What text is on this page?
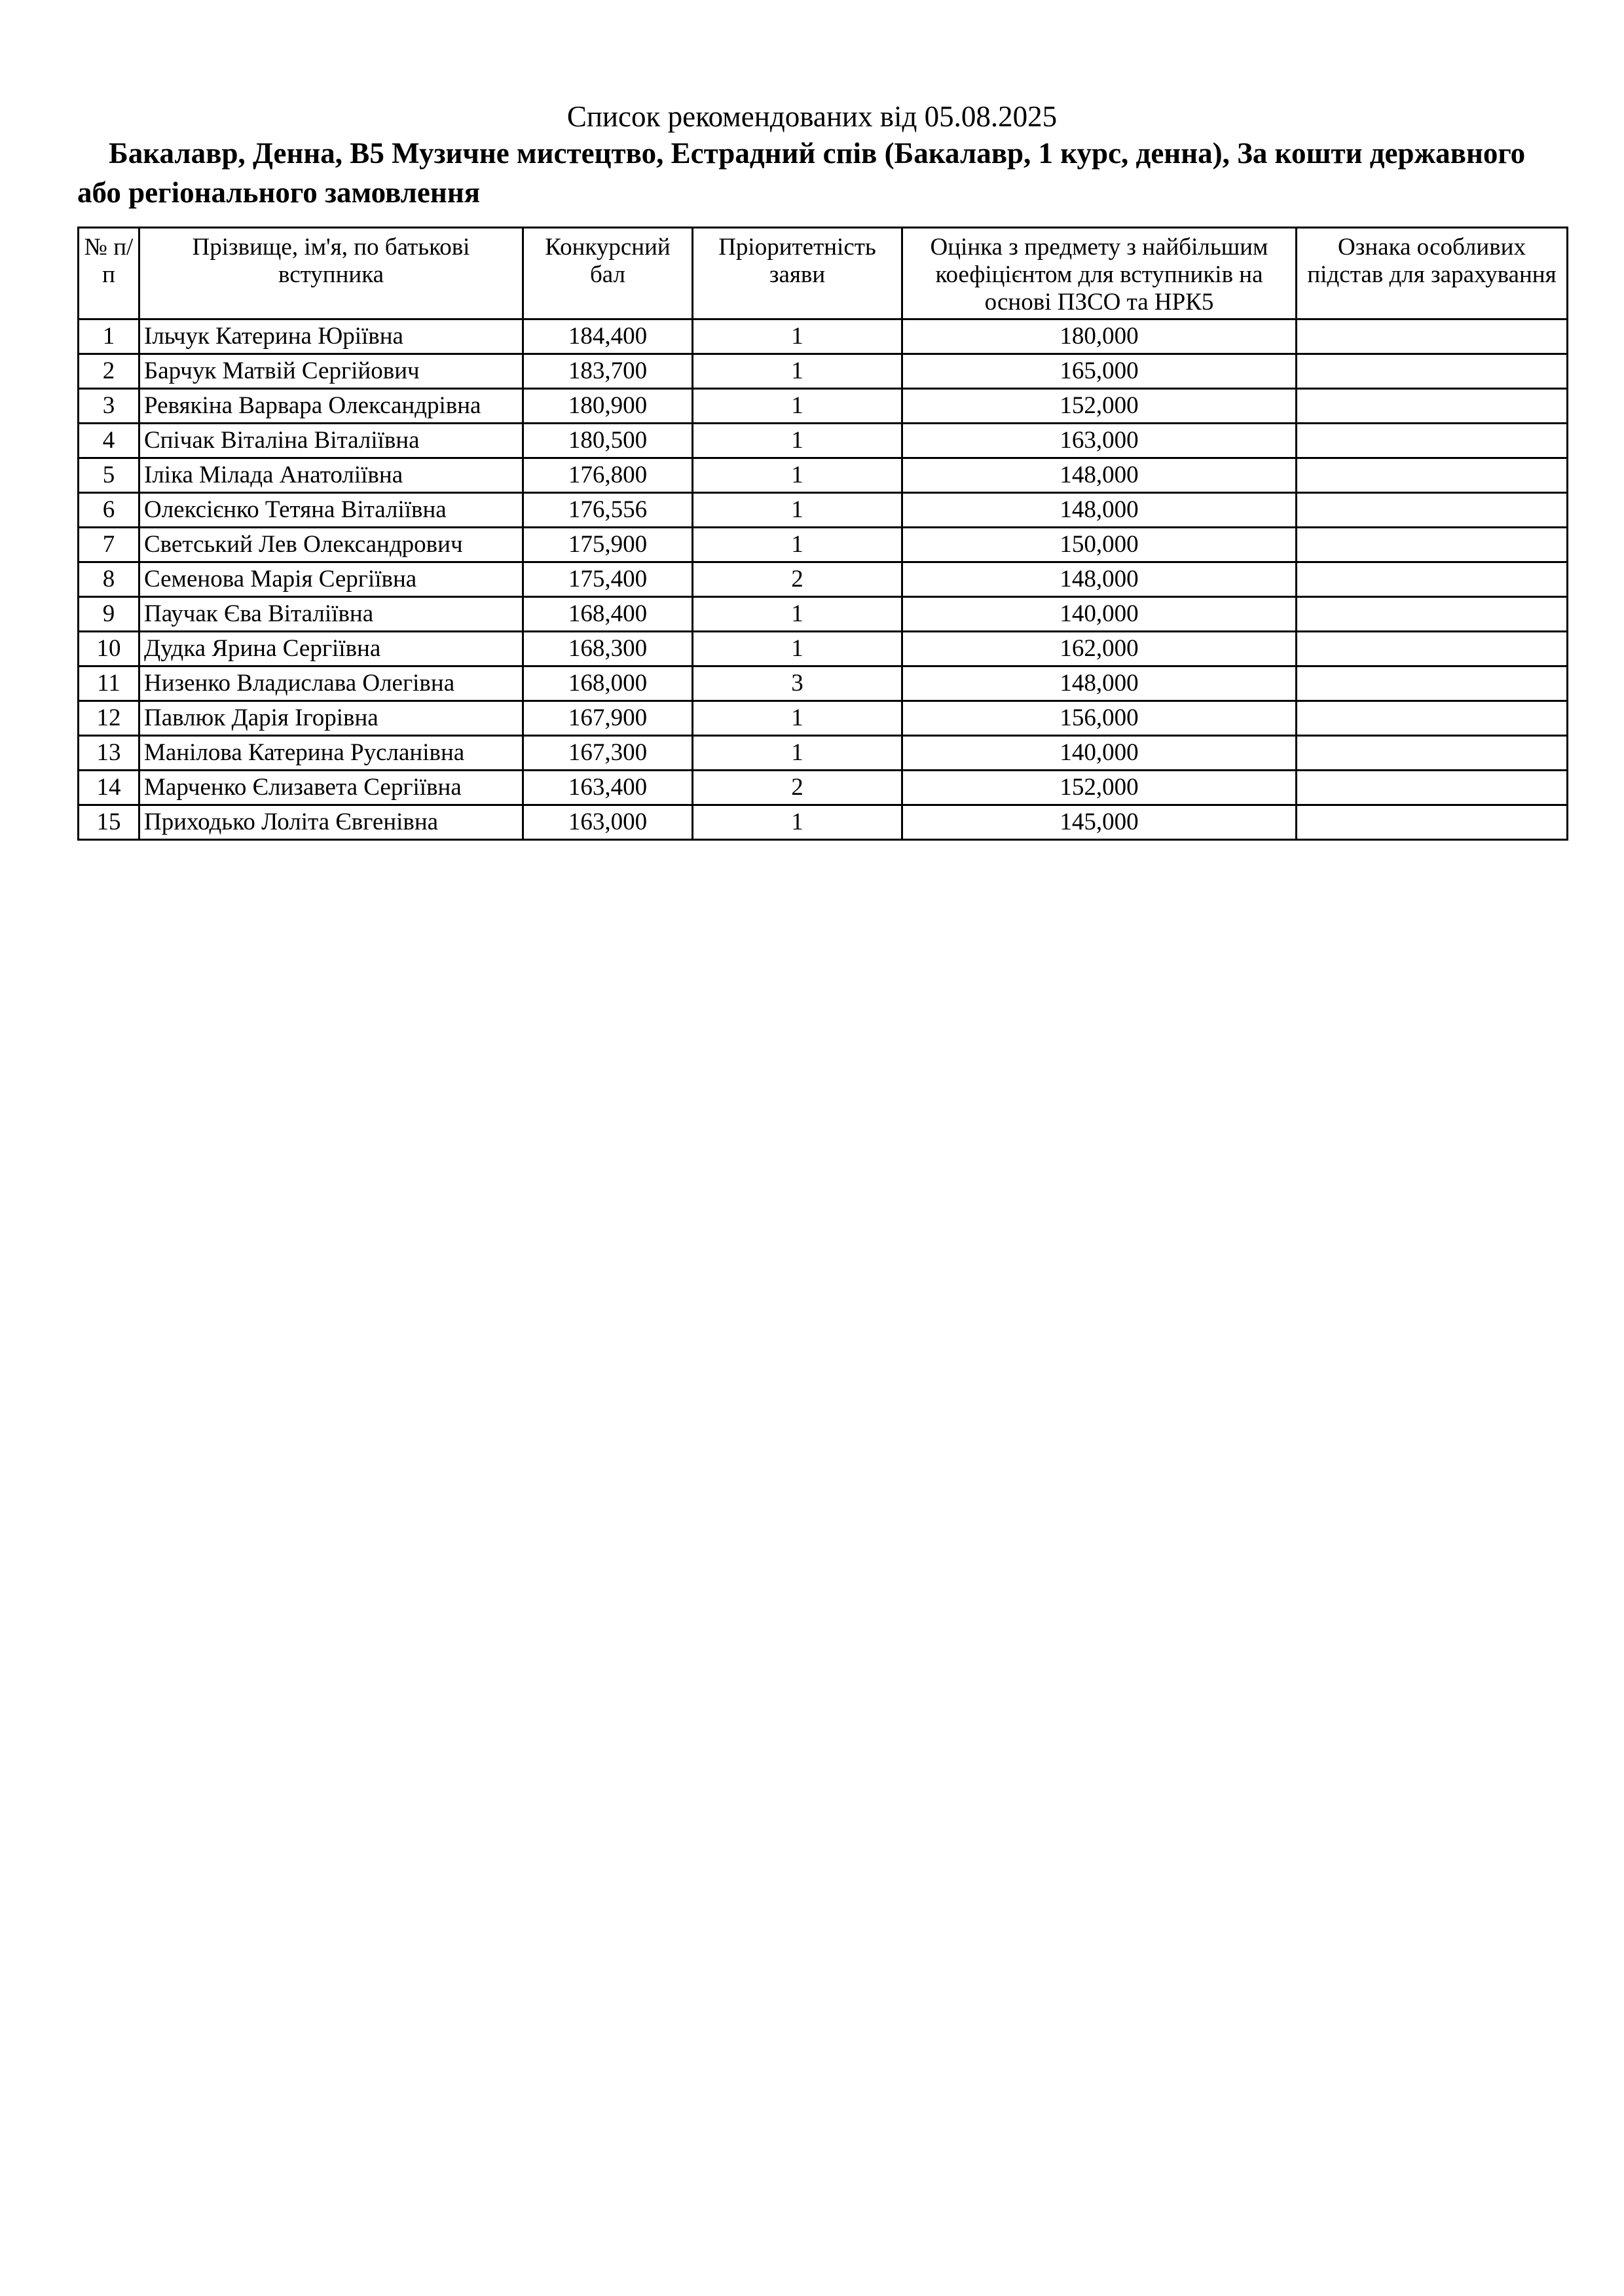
Список рекомендованих від 05.08.2025
Бакалавр, Денна, B5 Музичне мистецтво, Естрадний спів (Бакалавр, 1 курс, денна), За кошти державного або регіонального замовлення
№ п/п	Прізвище, ім'я, по батькові вступника	Конкурсний бал	Пріоритетність заяви	Оцінка з предмету з найбільшим коефіцієнтом для вступників на основі ПЗСО та НРК5	Ознака особливих підстав для зарахування
1	Ільчук Катерина Юріївна	184,400	1	180,000	
2	Барчук Матвій Сергійович	183,700	1	165,000	
3	Ревякіна Варвара Олександрівна	180,900	1	152,000	
4	Спічак Віталіна Віталіївна	180,500	1	163,000	
5	Іліка Мілада Анатоліївна	176,800	1	148,000	
6	Олексієнко Тетяна Віталіївна	176,556	1	148,000	
7	Светський Лев Олександрович	175,900	1	150,000	
8	Семенова Марія Сергіївна	175,400	2	148,000	
9	Паучак Єва Віталіївна	168,400	1	140,000	
10	Дудка Ярина Сергіївна	168,300	1	162,000	
11	Низенко Владислава Олегівна	168,000	3	148,000	
12	Павлюк Дарія Ігорівна	167,900	1	156,000	
13	Манілова Катерина Русланівна	167,300	1	140,000	
14	Марченко Єлизавета Сергіївна	163,400	2	152,000	
15	Приходько Лоліта Євгенівна	163,000	1	145,000	
